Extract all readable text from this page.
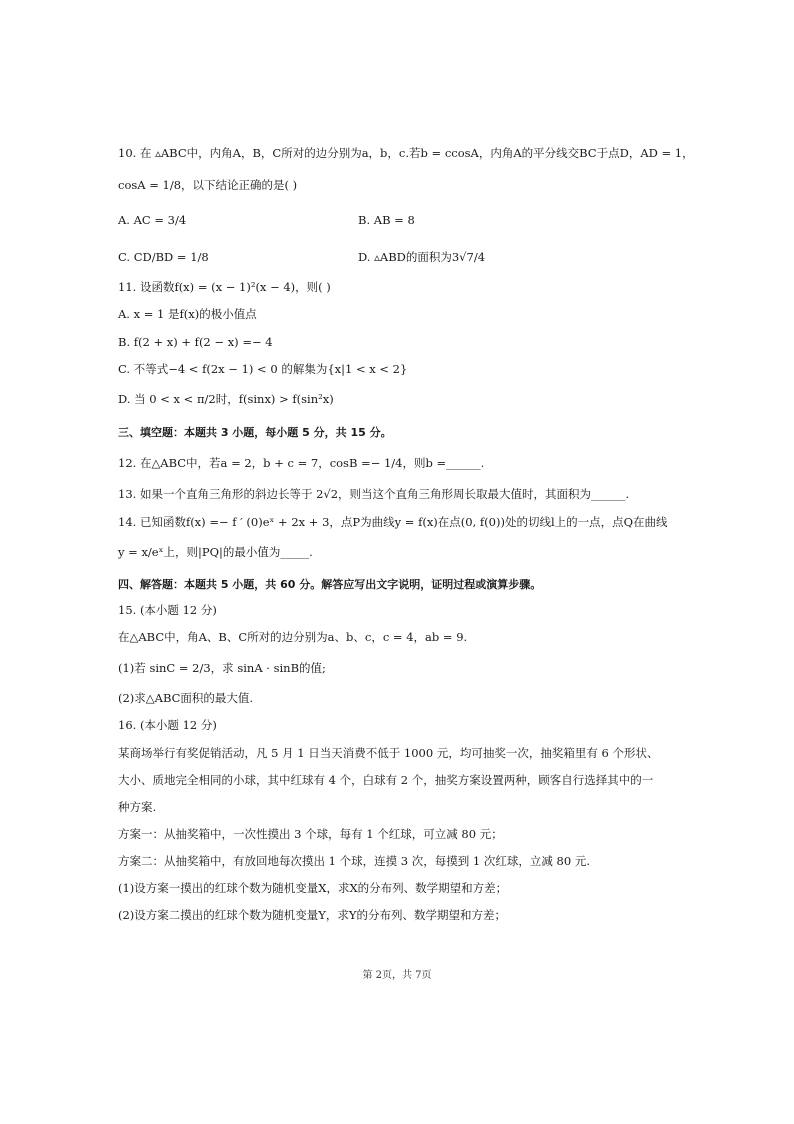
10. 在 ▵ABC中，内角A，B，C所对的边分别为a，b，c.若b = ccosA，内角A的平分线交BC于点D，AD = 1，
cosA = 1/8，以下结论正确的是( )
A. AC = 3/4	B. AB = 8
C. CD/BD = 1/8	D. ▵ABD的面积为3√7/4
11. 设函数f(x) = (x − 1)²(x − 4)，则( )
A. x = 1 是f(x)的极小值点
B. f(2 + x) + f(2 − x) =− 4
C. 不等式−4 < f(2x − 1) < 0 的解集为{x|1 < x < 2}
D. 当 0 < x < π/2时，f(sinx) > f(sin²x)
三、填空题：本题共 3 小题，每小题 5 分，共 15 分。
12. 在△ABC中，若a = 2，b + c = 7，cosB =− 1/4，则b =______.
13. 如果一个直角三角形的斜边长等于 2√2，则当这个直角三角形周长取最大值时，其面积为______.
14. 已知函数f(x) =− f ′ (0)eˣ + 2x + 3，点P为曲线y = f(x)在点(0, f(0))处的切线l上的一点，点Q在曲线
y = x/eˣ上，则|PQ|的最小值为_____.
四、解答题：本题共 5 小题，共 60 分。解答应写出文字说明，证明过程或演算步骤。
15. (本小题 12 分)
在△ABC中，角A、B、C所对的边分别为a、b、c，c = 4，ab = 9.
(1)若 sinC = 2/3，求 sinA · sinB的值;
(2)求△ABC面积的最大值.
16. (本小题 12 分)
某商场举行有奖促销活动，凡 5 月 1 日当天消费不低于 1000 元，均可抽奖一次，抽奖箱里有 6 个形状、
大小、质地完全相同的小球，其中红球有 4 个，白球有 2 个，抽奖方案设置两种，顾客自行选择其中的一
种方案.
方案一：从抽奖箱中，一次性摸出 3 个球，每有 1 个红球，可立减 80 元；
方案二：从抽奖箱中，有放回地每次摸出 1 个球，连摸 3 次，每摸到 1 次红球，立减 80 元.
(1)设方案一摸出的红球个数为随机变量X，求X的分布列、数学期望和方差；
(2)设方案二摸出的红球个数为随机变量Y，求Y的分布列、数学期望和方差；
第 2页，共 7页
